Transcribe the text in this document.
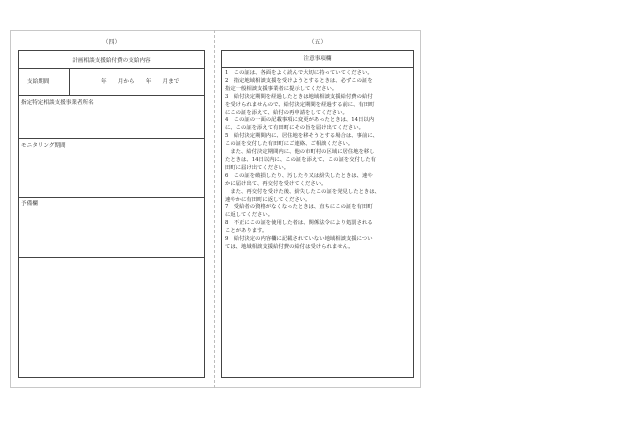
（四）	（五）
計画相談支援給付費の支給内容
支給期間	年　　月から　　年　　月まで
指定特定相談支援事業者所名
モニタリング期間
予備欄
注意事項欄
1　この証は、各面をよく読んで大切に持っていてください。
2　指定地域相談支援を受けようとするときは、必ずこの証を
指定一般相談支援事業者に提示してください。
3　給付決定期間を経過したときは地域相談支援給付費の給付
を受けられませんので、給付決定期間を経過する前に、有田町
にこの証を添えて、給付の再申請をしてください。
4　この証の一面の記載事項に変更があったときは、14日以内
に、この証を添えて有田町にその旨を届け出てください。
5　給付決定期間内に、居住地を移そうとする場合は、事前に、
この証を交付した有田町にご連絡、ご相談ください。
　また、給付決定期間内に、他の市町村の区域に居住地を移し
たときは、14日以内に、この証を添えて、この証を交付した有
田町に届け出てください。
6　この証を破損したり、汚したり又は紛失したときは、速や
かに届け出て、再交付を受けてください。
　また、再交付を受けた後、紛失したこの証を発見したときは、
速やかに有田町に返してください。
7　受給者の資格がなくなったときは、直ちにこの証を有田町
に返してください。
8　不正にこの証を使用した者は、関係法令により処罰される
ことがあります。
9　給付決定の内容欄に記載されていない地域相談支援につい
ては、地域相談支援給付費の給付は受けられません。
